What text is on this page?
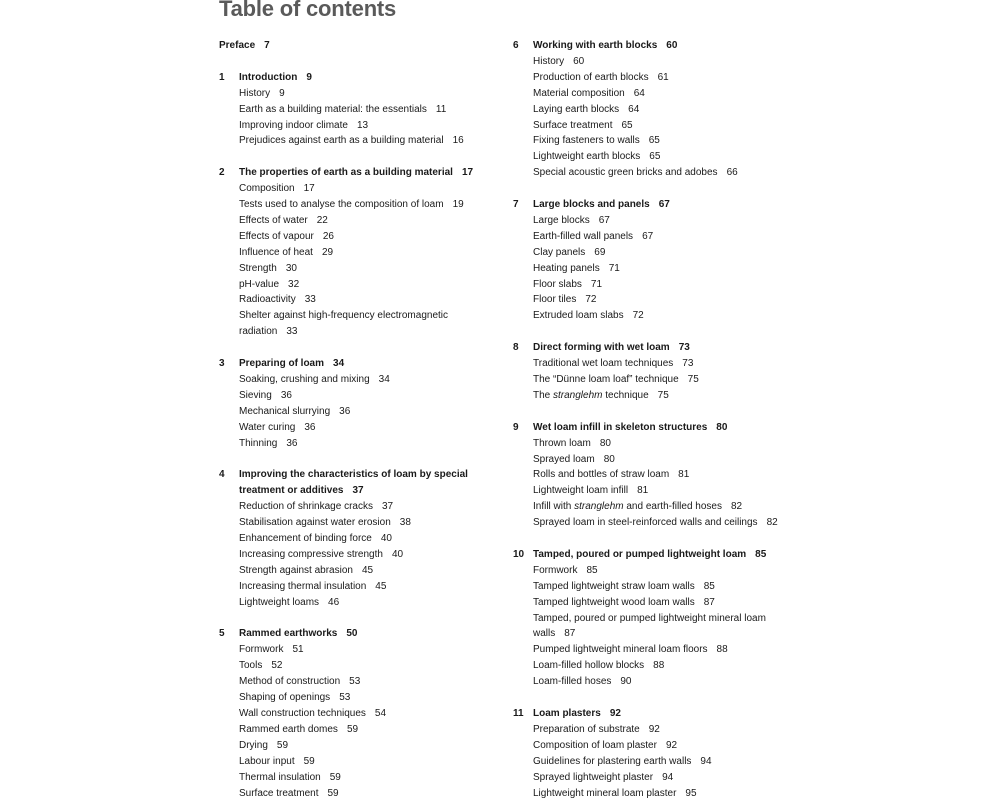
Table of contents
Preface 7
1	Introduction 9
History 9
Earth as a building material: the essentials 11
Improving indoor climate 13
Prejudices against earth as a building material 16
2	The properties of earth as a building material 17
Composition 17
Tests used to analyse the composition of loam 19
Effects of water 22
Effects of vapour 26
Influence of heat 29
Strength 30
pH-value 32
Radioactivity 33
Shelter against high-frequency electromagnetic radiation 33
3	Preparing of loam 34
Soaking, crushing and mixing 34
Sieving 36
Mechanical slurrying 36
Water curing 36
Thinning 36
4	Improving the characteristics of loam by special treatment or additives 37
Reduction of shrinkage cracks 37
Stabilisation against water erosion 38
Enhancement of binding force 40
Increasing compressive strength 40
Strength against abrasion 45
Increasing thermal insulation 45
Lightweight loams 46
5	Rammed earthworks 50
Formwork 51
Tools 52
Method of construction 53
Shaping of openings 53
Wall construction techniques 54
Rammed earth domes 59
Drying 59
Labour input 59
Thermal insulation 59
Surface treatment 59
6	Working with earth blocks 60
History 60
Production of earth blocks 61
Material composition 64
Laying earth blocks 64
Surface treatment 65
Fixing fasteners to walls 65
Lightweight earth blocks 65
Special acoustic green bricks and adobes 66
7	Large blocks and panels 67
Large blocks 67
Earth-filled wall panels 67
Clay panels 69
Heating panels 71
Floor slabs 71
Floor tiles 72
Extruded loam slabs 72
8	Direct forming with wet loam 73
Traditional wet loam techniques 73
The “Dünne loam loaf” technique 75
The stranglehm technique 75
9	Wet loam infill in skeleton structures 80
Thrown loam 80
Sprayed loam 80
Rolls and bottles of straw loam 81
Lightweight loam infill 81
Infill with stranglehm and earth-filled hoses 82
Sprayed loam in steel-reinforced walls and ceilings 82
10 Tamped, poured or pumped lightweight loam 85
Formwork 85
Tamped lightweight straw loam walls 85
Tamped lightweight wood loam walls 87
Tamped, poured or pumped lightweight mineral loam walls 87
Pumped lightweight mineral loam floors 88
Loam-filled hollow blocks 88
Loam-filled hoses 90
11 Loam plasters 92
Preparation of substrate 92
Composition of loam plaster 92
Guidelines for plastering earth walls 94
Sprayed lightweight plaster 94
Lightweight mineral loam plaster 95
